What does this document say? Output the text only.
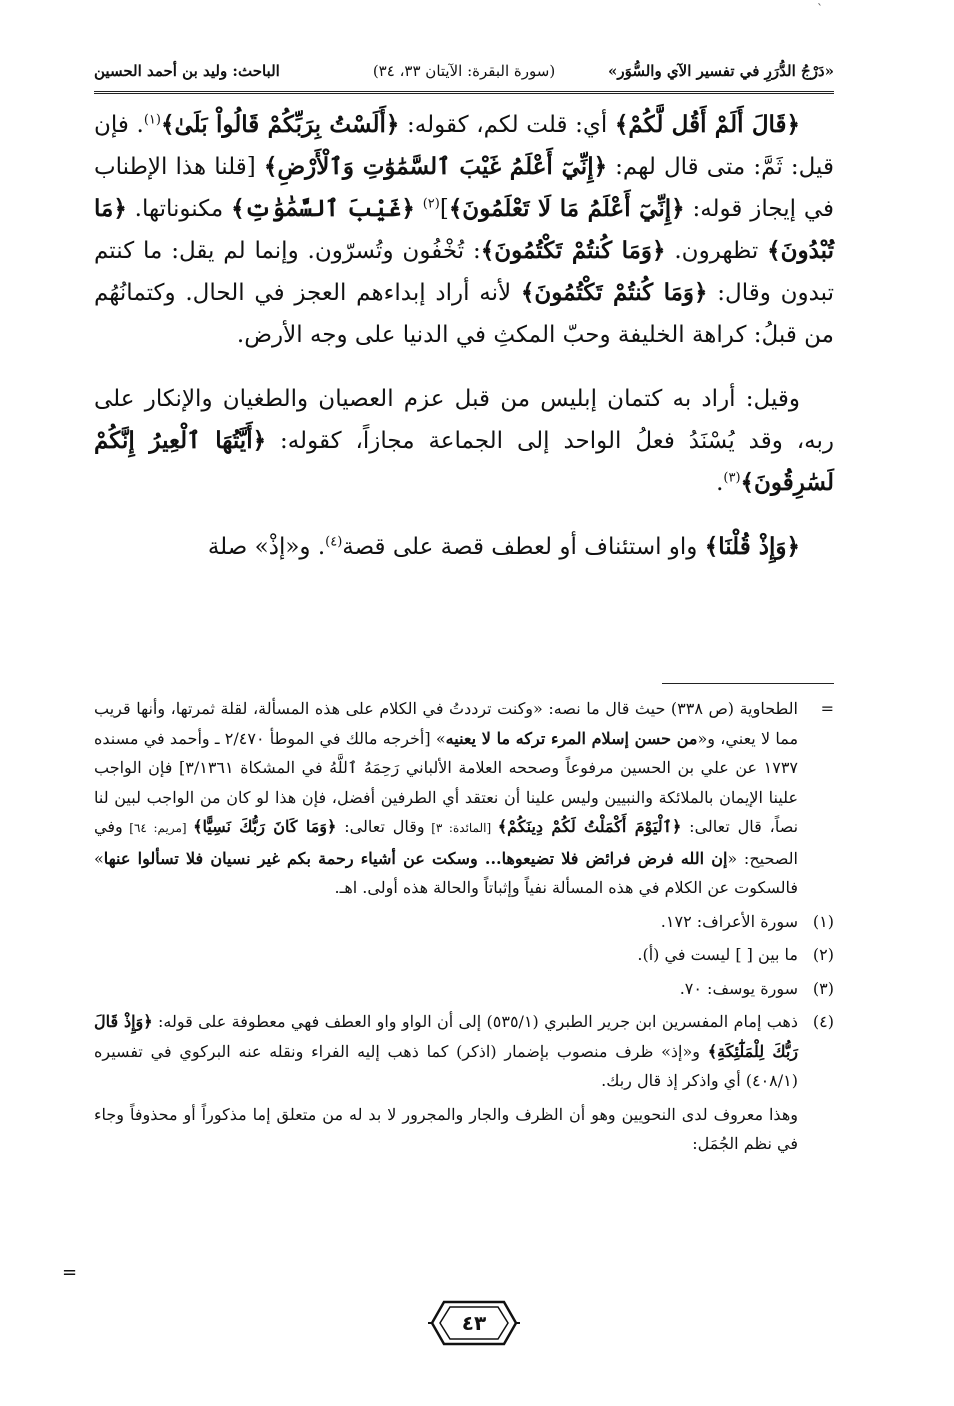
ˋ
«دَرْجُ الدُّرَرِ في تفسير الآي والسُّوَر»
(سورة البقرة: الآيتان ٣٣، ٣٤)
الباحث: وليد بن أحمد الحسين

﴿قَالَ أَلَمْ أَقُل لَّكُمْ﴾ أي: قلت لكم، كقوله: ﴿أَلَسْتُ بِرَبِّكُمْ قَالُواْ بَلَىٰ﴾$^{(١)}$. فإن قيل: ثَمَّ: متى قال لهم: ﴿إِنِّيٓ أَعْلَمُ غَيْبَ ٱلسَّمَٰوَٰتِ وَٱلْأَرْضِ﴾ [قلنا هذا الإطناب في إيجاز قوله: ﴿إِنِّيٓ أَعْلَمُ مَا لَا تَعْلَمُونَ﴾]$^{(٢)}$ ﴿غَيْبَ ٱلسَّمَٰوَٰتِ﴾ مكنوناتها. ﴿مَا تُبْدُونَ﴾ تظهرون. ﴿وَمَا كُنتُمْ تَكْتُمُونَ﴾: تُخْفُون وتُسرّون. وإنما لم يقل: ما كنتم تبدون وقال: ﴿وَمَا كُنتُمْ تَكْتُمُونَ﴾ لأنه أراد إبداءهم العجز في الحال. وكتمانُهُم من قبلُ: كراهة الخليفة وحبّ المكثِ في الدنيا على وجه الأرض.

وقيل: أراد به كتمان إبليس من قبل عزم العصيان والطغيان والإنكار على ربه، وقد يُسْنَدُ فعلُ الواحد إلى الجماعة مجازاً، كقوله: ﴿أَيَّتُهَا ٱلْعِيرُ إِنَّكُمْ لَسَٰرِقُونَ﴾$^{(٣)}$.

﴿وَإِذْ قُلْنَا﴾ واو استئناف أو لعطف قصة على قصة$^{(٤)}$. و«إذْ» صلة

=
الطحاوية (ص ٣٣٨) حيث قال ما نصه: «وكنت ترددتُ في الكلام على هذه المسألة، لقلة ثمرتها، وأنها قريب مما لا يعني، و«من حسن إسلام المرء تركه ما لا يعنيه» [أخرجه مالك في الموطأ ٢/٤٧٠ ـ وأحمد في مسنده ١٧٣٧ عن علي بن الحسين مرفوعاً وصححه العلامة الألباني رَحِمَهُ ٱللَّهُ في المشكاة ٣/١٣٦١] فإن الواجب علينا الإيمان بالملائكة والنبيين وليس علينا أن نعتقد أي الطرفين أفضل، فإن هذا لو كان من الواجب لبين لنا نصاً، قال تعالى: ﴿ٱلْيَوْمَ أَكْمَلْتُ لَكُمْ دِينَكُمْ﴾ [المائدة: ٣] وقال تعالى: ﴿وَمَا كَانَ رَبُّكَ نَسِيًّا﴾ [مريم: ٦٤] وفي الصحيح: «إن الله فرض فرائض فلا تضيعوها... وسكت عن أشياء رحمة بكم غير نسيان فلا تسألوا عنها» فالسكوت عن الكلام في هذه المسألة نفياً وإثباتاً والحالة هذه أولى. اهـ.
(١)
سورة الأعراف: ١٧٢.
(٢)
ما بين [ ] ليست في (أ).
(٣)
سورة يوسف: ٧٠.
(٤)
ذهب إمام المفسرين ابن جرير الطبري (٥٣٥/١) إلى أن الواو واو العطف فهي معطوفة على قوله: ﴿وَإِذْ قَالَ رَبُّكَ لِلْمَلَٰٓئِكَةِ﴾ و«إذ» ظرف منصوب بإضمار (اذكر) كما ذهب إليه الفراء ونقله عنه البركوي في تفسيره (٤٠٨/١) أي واذكر إذ قال ربك.
وهذا معروف لدى النحويين وهو أن الظرف والجار والمجرور لا بد له من متعلق إما مذكوراً أو محذوفاً وجاء في نظم الجُمَل:
=
٤٣
